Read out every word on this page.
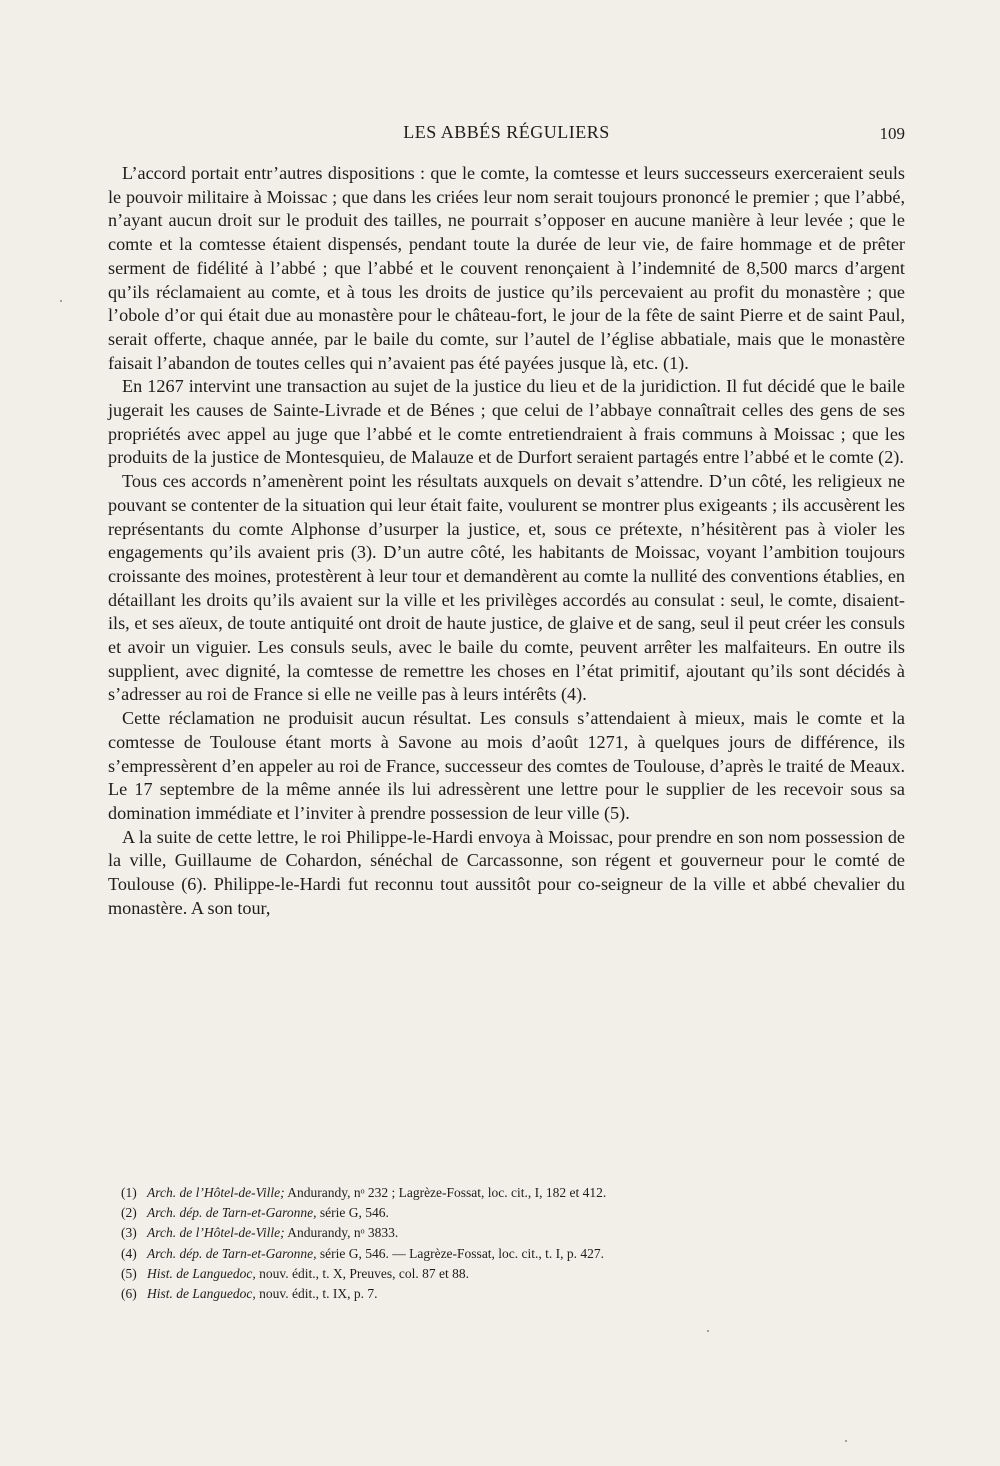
LES ABBÉS RÉGULIERS	109

L’accord portait entr’autres dispositions : que le comte, la comtesse et leurs successeurs exerceraient seuls le pouvoir militaire à Moissac ; que dans les criées leur nom serait toujours prononcé le premier ; que l’abbé, n’ayant aucun droit sur le produit des tailles, ne pourrait s’opposer en aucune manière à leur levée ; que le comte et la comtesse étaient dispensés, pendant toute la durée de leur vie, de faire hommage et de prêter serment de fidélité à l’abbé ; que l’abbé et le couvent renonçaient à l’indemnité de 8,500 marcs d’argent qu’ils réclamaient au comte, et à tous les droits de justice qu’ils percevaient au profit du monastère ; que l’obole d’or qui était due au monastère pour le château-fort, le jour de la fête de saint Pierre et de saint Paul, serait offerte, chaque année, par le baile du comte, sur l’autel de l’église abbatiale, mais que le monastère faisait l’abandon de toutes celles qui n’avaient pas été payées jusque là, etc. (1).

En 1267 intervint une transaction au sujet de la justice du lieu et de la juridiction. Il fut décidé que le baile jugerait les causes de Sainte-Livrade et de Bénes ; que celui de l’abbaye connaîtrait celles des gens de ses propriétés avec appel au juge que l’abbé et le comte entretiendraient à frais communs à Moissac ; que les produits de la justice de Montesquieu, de Malauze et de Durfort seraient partagés entre l’abbé et le comte (2).

Tous ces accords n’amenèrent point les résultats auxquels on devait s’attendre. D’un côté, les religieux ne pouvant se contenter de la situation qui leur était faite, voulurent se montrer plus exigeants ; ils accusèrent les représentants du comte Alphonse d’usurper la justice, et, sous ce prétexte, n’hésitèrent pas à violer les engagements qu’ils avaient pris (3). D’un autre côté, les habitants de Moissac, voyant l’ambition toujours croissante des moines, protestèrent à leur tour et demandèrent au comte la nullité des conventions établies, en détaillant les droits qu’ils avaient sur la ville et les privilèges accordés au consulat : seul, le comte, disaient-ils, et ses aïeux, de toute antiquité ont droit de haute justice, de glaive et de sang, seul il peut créer les consuls et avoir un viguier. Les consuls seuls, avec le baile du comte, peuvent arrêter les malfaiteurs. En outre ils supplient, avec dignité, la comtesse de remettre les choses en l’état primitif, ajoutant qu’ils sont décidés à s’adresser au roi de France si elle ne veille pas à leurs intérêts (4).

Cette réclamation ne produisit aucun résultat. Les consuls s’attendaient à mieux, mais le comte et la comtesse de Toulouse étant morts à Savone au mois d’août 1271, à quelques jours de différence, ils s’empressèrent d’en appeler au roi de France, successeur des comtes de Toulouse, d’après le traité de Meaux. Le 17 septembre de la même année ils lui adressèrent une lettre pour le supplier de les recevoir sous sa domination immédiate et l’inviter à prendre possession de leur ville (5).

A la suite de cette lettre, le roi Philippe-le-Hardi envoya à Moissac, pour prendre en son nom possession de la ville, Guillaume de Cohardon, sénéchal de Carcassonne, son régent et gouverneur pour le comté de Toulouse (6). Philippe-le-Hardi fut reconnu tout aussitôt pour co-seigneur de la ville et abbé chevalier du monastère. A son tour,

(1) Arch. de l’Hôtel-de-Ville; Andurandy, nᵒ 232 ; Lagrèze-Fossat, loc. cit., I, 182 et 412.
(2) Arch. dép. de Tarn-et-Garonne, série G, 546.
(3) Arch. de l’Hôtel-de-Ville; Andurandy, nᵒ 3833.
(4) Arch. dép. de Tarn-et-Garonne, série G, 546. — Lagrèze-Fossat, loc. cit., t. I, p. 427.
(5) Hist. de Languedoc, nouv. édit., t. X, Preuves, col. 87 et 88.
(6) Hist. de Languedoc, nouv. édit., t. IX, p. 7.
